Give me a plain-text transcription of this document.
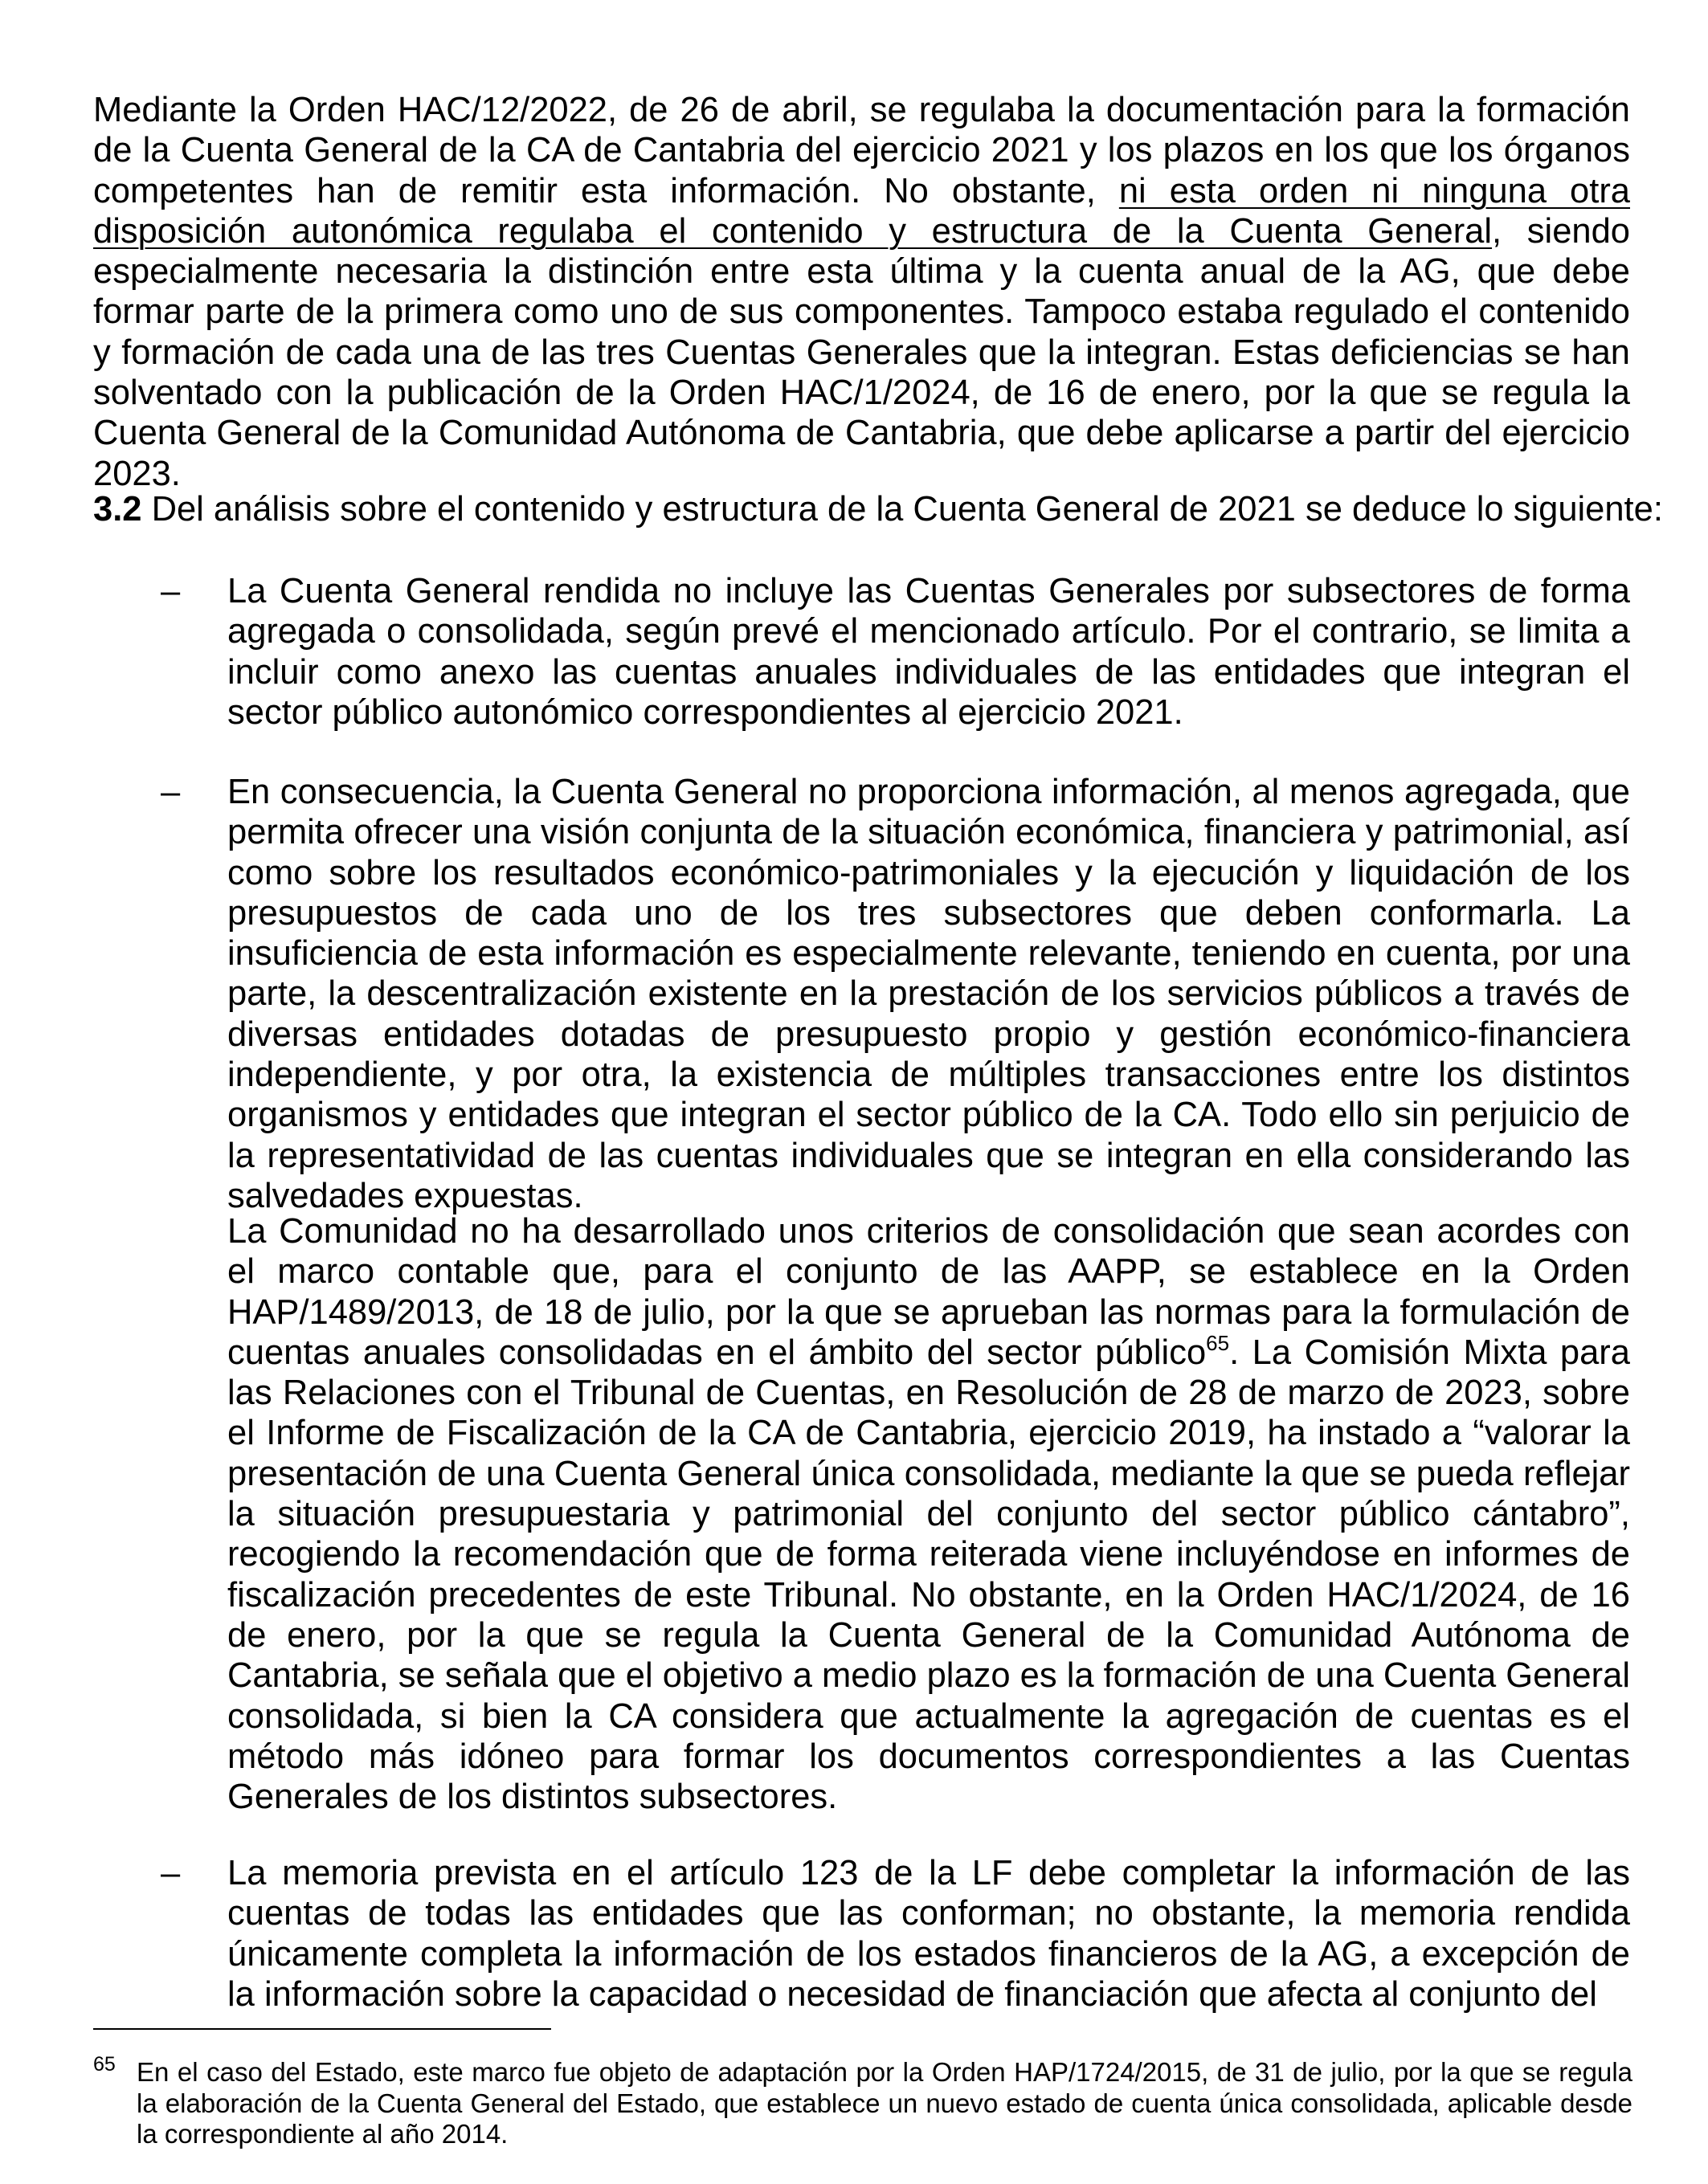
Mediante la Orden HAC/12/2022, de 26 de abril, se regulaba la documentación para la formación de la Cuenta General de la CA de Cantabria del ejercicio 2021 y los plazos en los que los órganos competentes han de remitir esta información. No obstante, ni esta orden ni ninguna otra disposición autonómica regulaba el contenido y estructura de la Cuenta General, siendo especialmente necesaria la distinción entre esta última y la cuenta anual de la AG, que debe formar parte de la primera como uno de sus componentes. Tampoco estaba regulado el contenido y formación de cada una de las tres Cuentas Generales que la integran. Estas deficiencias se han solventado con la publicación de la Orden HAC/1/2024, de 16 de enero, por la que se regula la Cuenta General de la Comunidad Autónoma de Cantabria, que debe aplicarse a partir del ejercicio 2023.

3.2 Del análisis sobre el contenido y estructura de la Cuenta General de 2021 se deduce lo siguiente:

– La Cuenta General rendida no incluye las Cuentas Generales por subsectores de forma agregada o consolidada, según prevé el mencionado artículo. Por el contrario, se limita a incluir como anexo las cuentas anuales individuales de las entidades que integran el sector público autonómico correspondientes al ejercicio 2021.

– En consecuencia, la Cuenta General no proporciona información, al menos agregada, que permita ofrecer una visión conjunta de la situación económica, financiera y patrimonial, así como sobre los resultados económico-patrimoniales y la ejecución y liquidación de los presupuestos de cada uno de los tres subsectores que deben conformarla. La insuficiencia de esta información es especialmente relevante, teniendo en cuenta, por una parte, la descentralización existente en la prestación de los servicios públicos a través de diversas entidades dotadas de presupuesto propio y gestión económico-financiera independiente, y por otra, la existencia de múltiples transacciones entre los distintos organismos y entidades que integran el sector público de la CA. Todo ello sin perjuicio de la representatividad de las cuentas individuales que se integran en ella considerando las salvedades expuestas.

La Comunidad no ha desarrollado unos criterios de consolidación que sean acordes con el marco contable que, para el conjunto de las AAPP, se establece en la Orden HAP/1489/2013, de 18 de julio, por la que se aprueban las normas para la formulación de cuentas anuales consolidadas en el ámbito del sector público$^{65}$. La Comisión Mixta para las Relaciones con el Tribunal de Cuentas, en Resolución de 28 de marzo de 2023, sobre el Informe de Fiscalización de la CA de Cantabria, ejercicio 2019, ha instado a “valorar la presentación de una Cuenta General única consolidada, mediante la que se pueda reflejar la situación presupuestaria y patrimonial del conjunto del sector público cántabro”, recogiendo la recomendación que de forma reiterada viene incluyéndose en informes de fiscalización precedentes de este Tribunal. No obstante, en la Orden HAC/1/2024, de 16 de enero, por la que se regula la Cuenta General de la Comunidad Autónoma de Cantabria, se señala que el objetivo a medio plazo es la formación de una Cuenta General consolidada, si bien la CA considera que actualmente la agregación de cuentas es el método más idóneo para formar los documentos correspondientes a las Cuentas Generales de los distintos subsectores.

– La memoria prevista en el artículo 123 de la LF debe completar la información de las cuentas de todas las entidades que las conforman; no obstante, la memoria rendida únicamente completa la información de los estados financieros de la AG, a excepción de la información sobre la capacidad o necesidad de financiación que afecta al conjunto del

65 En el caso del Estado, este marco fue objeto de adaptación por la Orden HAP/1724/2015, de 31 de julio, por la que se regula la elaboración de la Cuenta General del Estado, que establece un nuevo estado de cuenta única consolidada, aplicable desde la correspondiente al año 2014.
